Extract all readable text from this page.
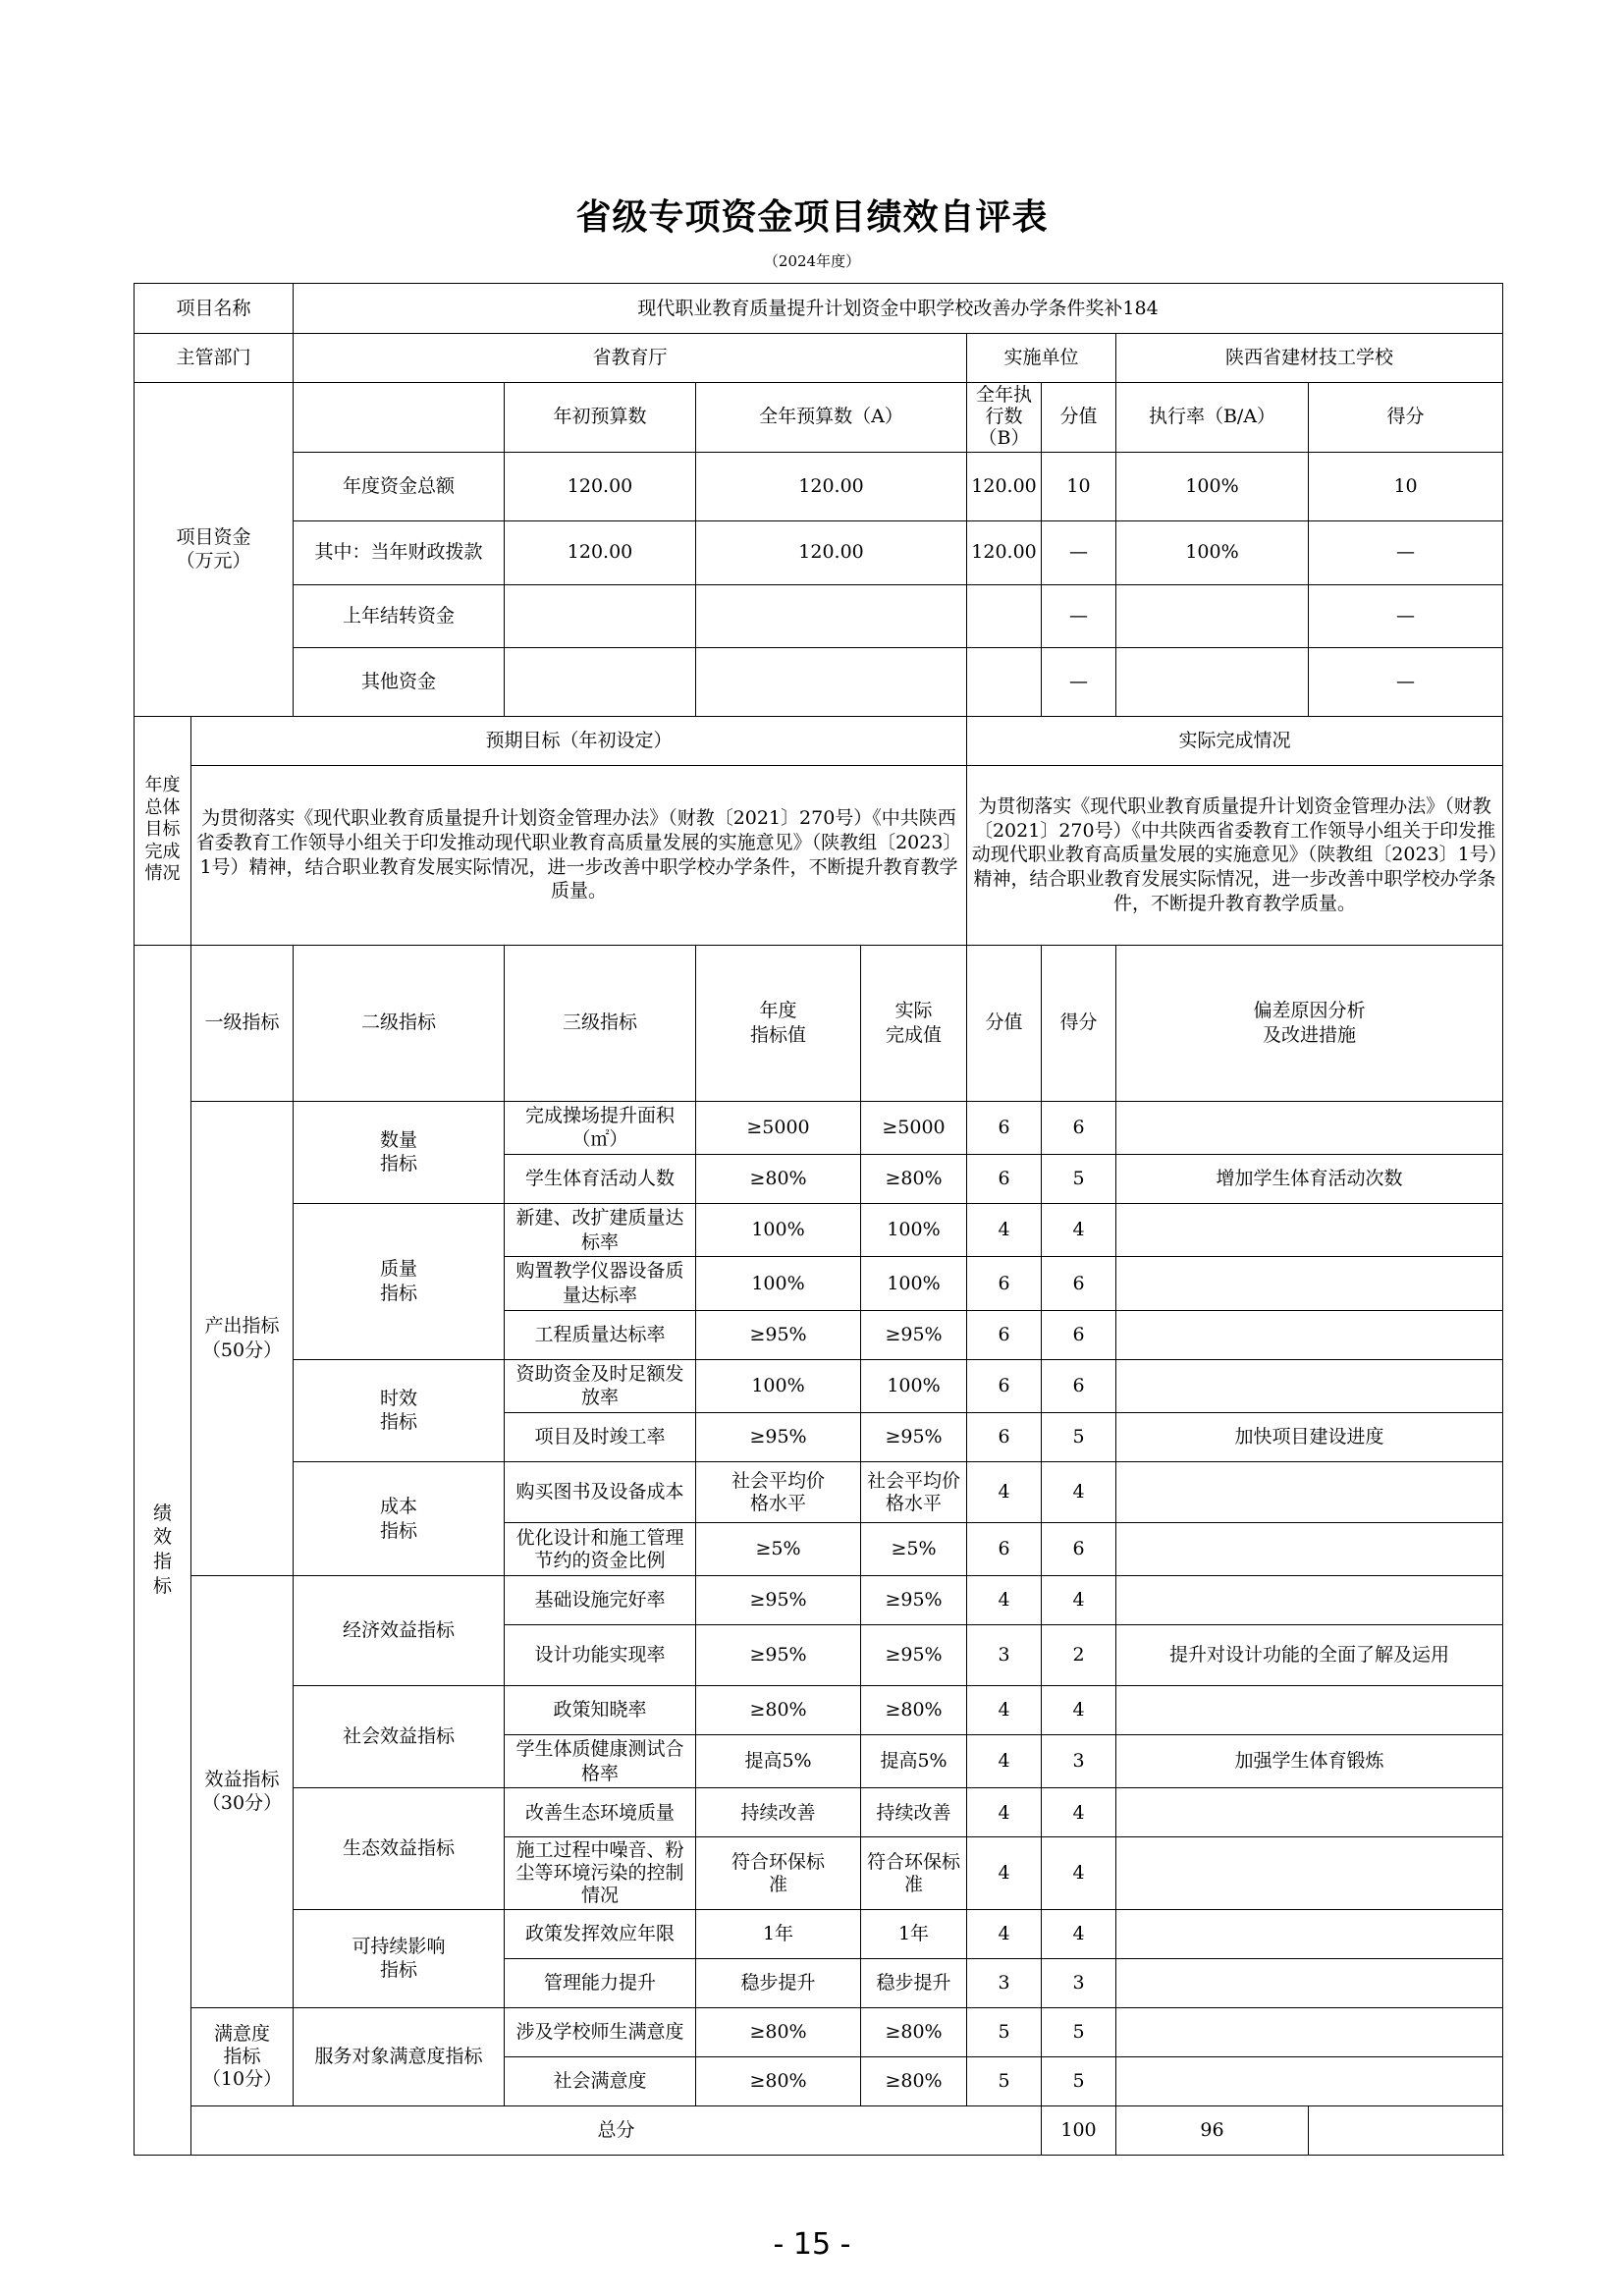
省级专项资金项目绩效自评表
（2024年度）
项目名称		现代职业教育质量提升计划资金中职学校改善办学条件奖补184							
主管部门		省教育厅				实施单位		陕西省建材技工学校	
项目资金
（万元）			年初预算数	全年预算数（A）		全年执行数
（B）	分值	执行率（B/A）	得分
		年度资金总额	120.00	120.00		120.00	10	100%	10
		其中：当年财政拨款	120.00	120.00		120.00	—	100%	—
		上年结转资金					—		—
		其他资金					—		—
年度
总体
目标
完成
情况	预期目标（年初设定）					实际完成情况			
	为贯彻落实《现代职业教育质量提升计划资金管理办法》（财教〔2021〕270号）《中共陕西省委教育工作领导小组关于印发推动现代职业教育高质量发展的实施意见》（陕教组〔2023〕1号）精神，结合职业教育发展实际情况，进一步改善中职学校办学条件，不断提升教育教学质量。					为贯彻落实《现代职业教育质量提升计划资金管理办法》（财教〔2021〕270号）《中共陕西省委教育工作领导小组关于印发推动现代职业教育高质量发展的实施意见》（陕教组〔2023〕1号）精神，结合职业教育发展实际情况，进一步改善中职学校办学条件，不断提升教育教学质量。			
绩
效
指
标	一级指标	二级指标	三级指标	年度
指标值	实际
完成值	分值	得分	偏差原因分析
及改进措施	
	产出指标
（50分）	数量
指标	完成操场提升面积（㎡）	≥5000	≥5000	6	6		
			学生体育活动人数	≥80%	≥80%	6	5	增加学生体育活动次数	
		质量
指标	新建、改扩建质量达标率	100%	100%	4	4		
			购置教学仪器设备质量达标率	100%	100%	6	6		
			工程质量达标率	≥95%	≥95%	6	6		
		时效
指标	资助资金及时足额发放率	100%	100%	6	6		
			项目及时竣工率	≥95%	≥95%	6	5	加快项目建设进度	
		成本
指标	购买图书及设备成本	社会平均价
格水平	社会平均价
格水平	4	4		
			优化设计和施工管理节约的资金比例	≥5%	≥5%	6	6		
	效益指标
（30分）	经济效益指标	基础设施完好率	≥95%	≥95%	4	4		
			设计功能实现率	≥95%	≥95%	3	2	提升对设计功能的全面了解及运用	
		社会效益指标	政策知晓率	≥80%	≥80%	4	4		
			学生体质健康测试合格率	提高5%	提高5%	4	3	加强学生体育锻炼	
		生态效益指标	改善生态环境质量	持续改善	持续改善	4	4		
			施工过程中噪音、粉尘等环境污染的控制情况	符合环保标
准	符合环保标
准	4	4		
		可持续影响
指标	政策发挥效应年限	1年	1年	4	4		
			管理能力提升	稳步提升	稳步提升	3	3		
	满意度
指标
（10分）	服务对象满意度指标	涉及学校师生满意度	≥80%	≥80%	5	5		
			社会满意度	≥80%	≥80%	5	5		
	总分						100	96	
- 15 -
